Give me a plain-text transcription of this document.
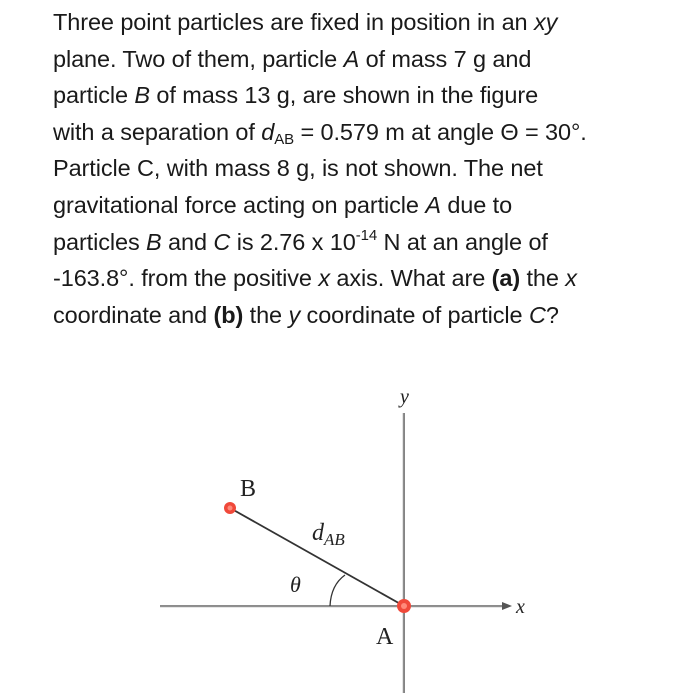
Three point particles are fixed in position in an xy
plane. Two of them, particle A of mass 7 g and
particle B of mass 13 g, are shown in the figure
with a separation of $d_{AB} = 0.579$ m at angle Θ = 30°.
Particle C, with mass 8 g, is not shown. The net
gravitational force acting on particle A due to
particles B and C is 2.76 x $10^{-14}$ N at an angle of
-163.8°. from the positive x axis. What are (a) the x
coordinate and (b) the y coordinate of particle C?
y
x
B
A
θ
$d_{AB}$
